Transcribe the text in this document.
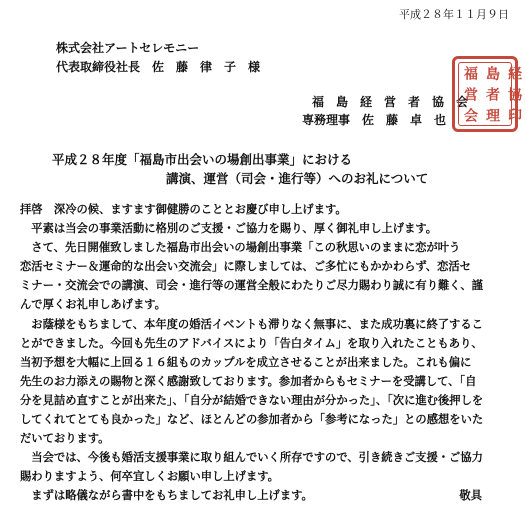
平成２８年１１月９日
株式会社アートセレモニー
代表取締役社長　佐　藤　律　子　様
福　島　経　営　者　協　会
専務理事　佐　藤　卓　也
福 島 経
営 者 協
会 理 印
平成２８年度「福島市出会いの場創出事業」における
講演、運営（司会・進行等）へのお礼について

拝啓　深冷の候、ますます御健勝のこととお慶び申し上げます。

　平素は当会の事業活動に格別のご支援・ご協力を賜り、厚く御礼申し上げます。

　さて、先日開催致しました福島市出会いの場創出事業「この秋思いのままに恋が叶う

恋活セミナー＆運命的な出会い交流会」に際しましては、ご多忙にもかかわらず、恋活セ

ミナー・交流会での講演、司会・進行等の運営全般にわたりご尽力賜わり誠に有り難く、謹

んで厚くお礼申しあげます。

　お蔭様をもちまして、本年度の婚活イベントも滞りなく無事に、また成功裏に終了するこ

とができました。今回も先生のアドバイスにより「告白タイム」を取り入れたこともあり、

当初予想を大幅に上回る１６組ものカップルを成立させることが出来ました。これも偏に

先生のお力添えの賜物と深く感謝致しております。参加者からもセミナーを受講して、「自

分を見詰め直すことが出来た」、「自分が結婚できない理由が分かった」、「次に進む後押しを

してくれてとても良かった」など、ほとんどの参加者から「参考になった」との感想をいた

だいております。

　当会では、今後も婚活支援事業に取り組んでいく所存ですので、引き続きご支援・ご協力

賜わりますよう、何卒宜しくお願い申し上げます。

　まずは略儀ながら書中をもちましてお礼申し上げます。	敬具
